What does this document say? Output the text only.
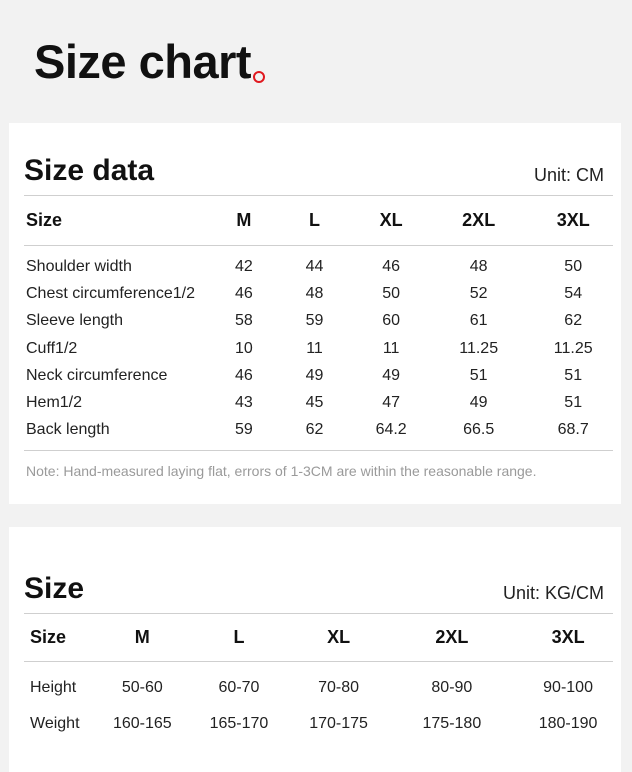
Size chart
Size data	Unit: CM
Size	M	L	XL	2XL	3XL
Shoulder width	42	44	46	48	50
Chest circumference1/2	46	48	50	52	54
Sleeve length	58	59	60	61	62
Cuff1/2	10	11	11	11.25	11.25
Neck circumference	46	49	49	51	51
Hem1/2	43	45	47	49	51
Back length	59	62	64.2	66.5	68.7
Note: Hand-measured laying flat, errors of 1-3CM are within the reasonable range.
Size	Unit: KG/CM
Size	M	L	XL	2XL	3XL
Height	50-60	60-70	70-80	80-90	90-100
Weight	160-165	165-170	170-175	175-180	180-190
